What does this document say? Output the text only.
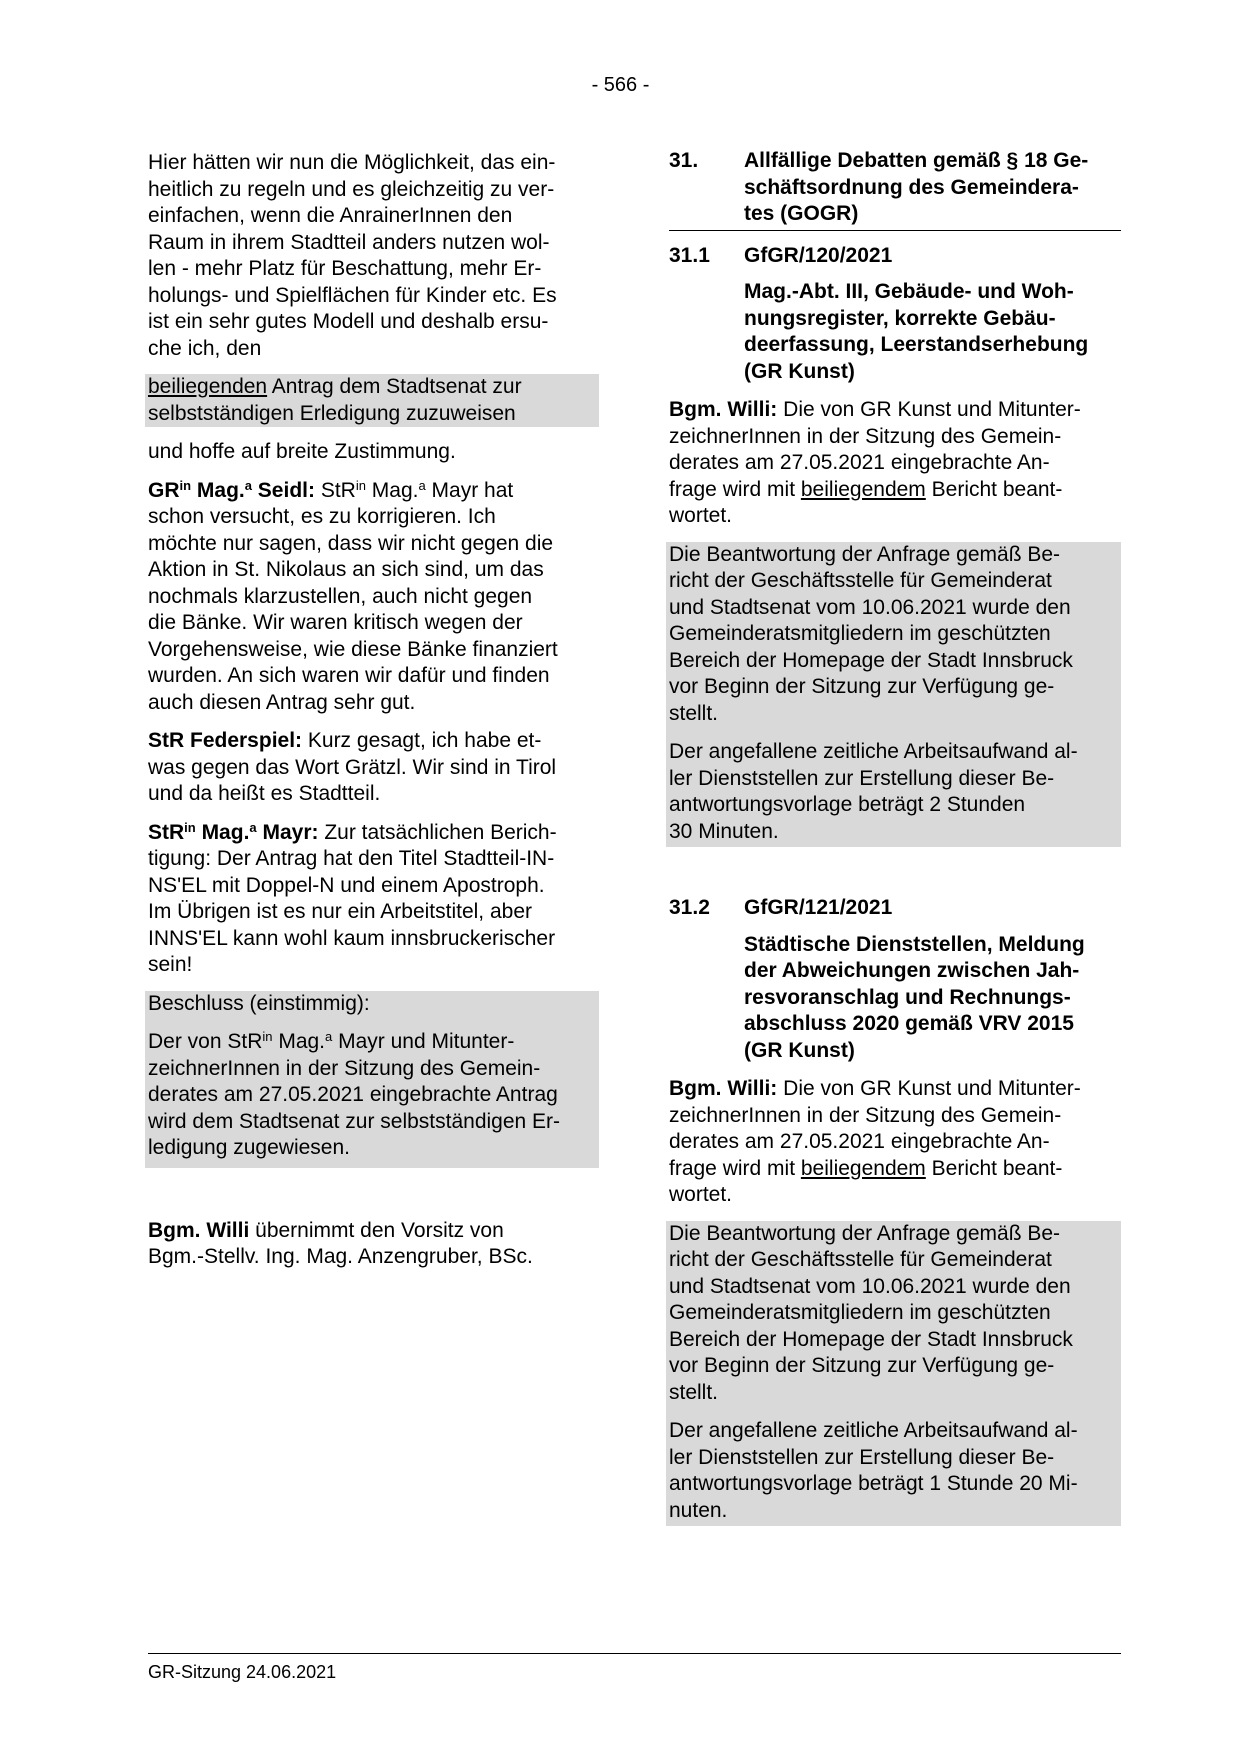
- 566 -

Hier hätten wir nun die Möglichkeit, das ein-
heitlich zu regeln und es gleichzeitig zu ver-
einfachen, wenn die AnrainerInnen den
Raum in ihrem Stadtteil anders nutzen wol-
len - mehr Platz für Beschattung, mehr Er-
holungs- und Spielflächen für Kinder etc. Es
ist ein sehr gutes Modell und deshalb ersu-
che ich, den

beiliegenden Antrag dem Stadtsenat zur
selbstständigen Erledigung zuzuweisen

und hoffe auf breite Zustimmung.

$GR^{in}$ Mag.$^a$ Seidl: StR$^{in}$ Mag.$^a$ Mayr hat
schon versucht, es zu korrigieren. Ich
möchte nur sagen, dass wir nicht gegen die
Aktion in St. Nikolaus an sich sind, um das
nochmals klarzustellen, auch nicht gegen
die Bänke. Wir waren kritisch wegen der
Vorgehensweise, wie diese Bänke finanziert
wurden. An sich waren wir dafür und finden
auch diesen Antrag sehr gut.

StR Federspiel: Kurz gesagt, ich habe et-
was gegen das Wort Grätzl. Wir sind in Tirol
und da heißt es Stadtteil.

StR$^{in}$ Mag.$^a$ Mayr: Zur tatsächlichen Berich-
tigung: Der Antrag hat den Titel Stadtteil-IN-
NS'EL mit Doppel-N und einem Apostroph.
Im Übrigen ist es nur ein Arbeitstitel, aber
INNS'EL kann wohl kaum innsbruckerischer
sein!

Beschluss (einstimmig):

Der von StR$^{in}$ Mag.$^a$ Mayr und Mitunter-
zeichnerInnen in der Sitzung des Gemein-
derates am 27.05.2021 eingebrachte Antrag
wird dem Stadtsenat zur selbstständigen Er-
ledigung zugewiesen.

Bgm. Willi übernimmt den Vorsitz von
Bgm.-Stellv. Ing. Mag. Anzengruber, BSc.

31.	Allfällige Debatten gemäß § 18 Ge-
schäftsordnung des Gemeindera-
tes (GOGR)
31.1	GfGR/120/2021

Mag.-Abt. III, Gebäude- und Woh-
nungsregister, korrekte Gebäu-
deerfassung, Leerstandserhebung
(GR Kunst)

Bgm. Willi: Die von GR Kunst und Mitunter-
zeichnerInnen in der Sitzung des Gemein-
derates am 27.05.2021 eingebrachte An-
frage wird mit beiliegendem Bericht beant-
wortet.

Die Beantwortung der Anfrage gemäß Be-
richt der Geschäftsstelle für Gemeinderat
und Stadtsenat vom 10.06.2021 wurde den
Gemeinderatsmitgliedern im geschützten
Bereich der Homepage der Stadt Innsbruck
vor Beginn der Sitzung zur Verfügung ge-
stellt.

Der angefallene zeitliche Arbeitsaufwand al-
ler Dienststellen zur Erstellung dieser Be-
antwortungsvorlage beträgt 2 Stunden
30 Minuten.

31.2	GfGR/121/2021

Städtische Dienststellen, Meldung
der Abweichungen zwischen Jah-
resvoranschlag und Rechnungs-
abschluss 2020 gemäß VRV 2015
(GR Kunst)

Bgm. Willi: Die von GR Kunst und Mitunter-
zeichnerInnen in der Sitzung des Gemein-
derates am 27.05.2021 eingebrachte An-
frage wird mit beiliegendem Bericht beant-
wortet.

Die Beantwortung der Anfrage gemäß Be-
richt der Geschäftsstelle für Gemeinderat
und Stadtsenat vom 10.06.2021 wurde den
Gemeinderatsmitgliedern im geschützten
Bereich der Homepage der Stadt Innsbruck
vor Beginn der Sitzung zur Verfügung ge-
stellt.

Der angefallene zeitliche Arbeitsaufwand al-
ler Dienststellen zur Erstellung dieser Be-
antwortungsvorlage beträgt 1 Stunde 20 Mi-
nuten.

GR-Sitzung 24.06.2021
